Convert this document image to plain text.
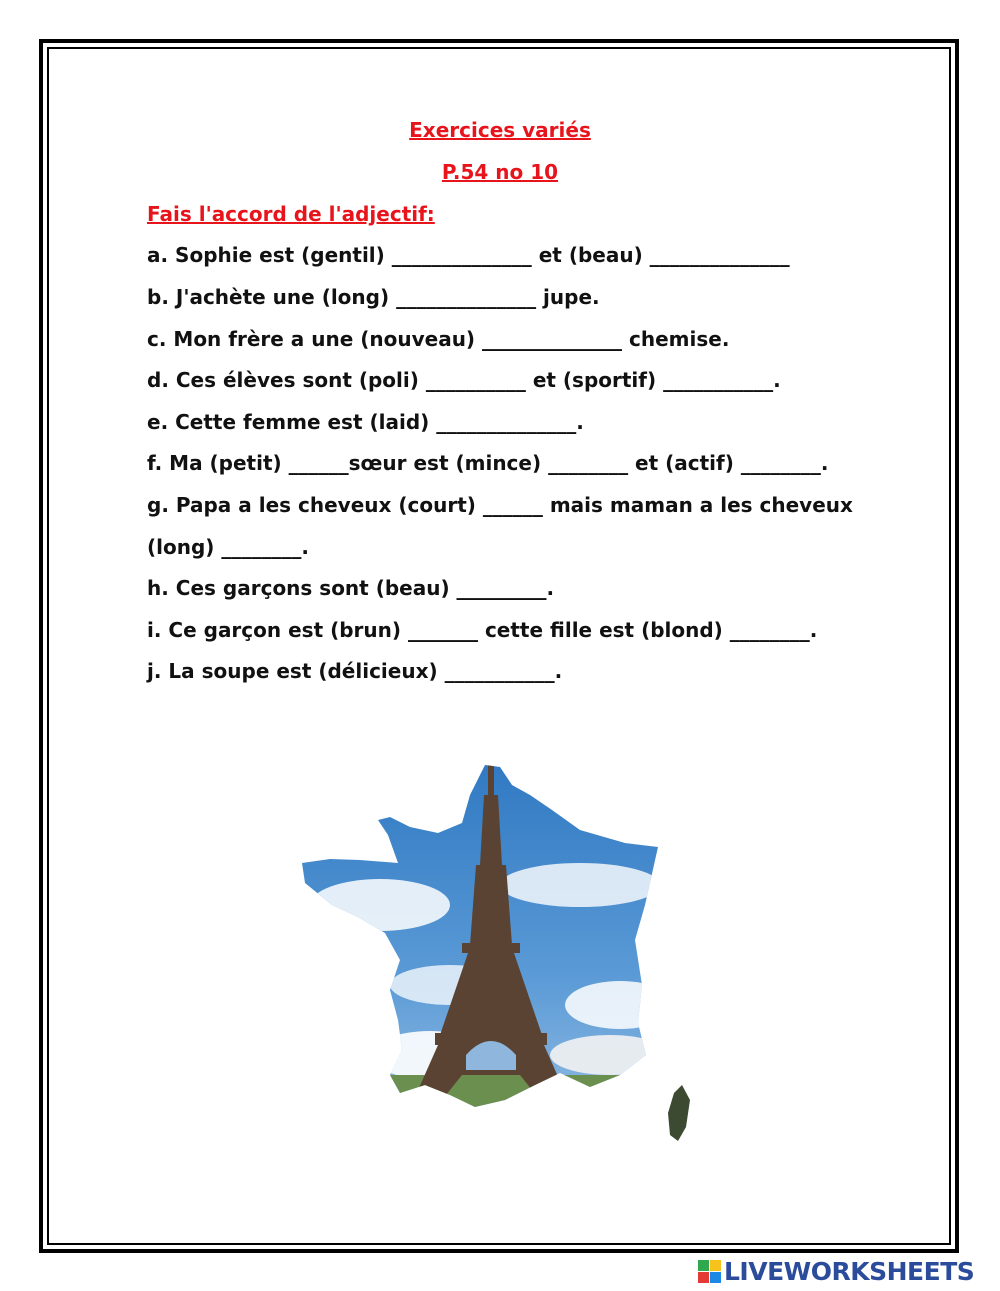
Exercices variés
P.54 no 10
Fais l'accord de l'adjectif:
a. Sophie est (gentil) ______________ et (beau) ______________
b. J'achète une (long) ______________ jupe.
c. Mon frère a une (nouveau) ______________ chemise.
d. Ces élèves sont (poli) __________ et (sportif) ___________.
e. Cette femme est (laid) ______________.
f. Ma (petit) ______sœur est (mince) ________ et (actif) ________.
g. Papa a les cheveux (court) ______ mais maman a les cheveux
(long) ________.
h. Ces garçons sont (beau) _________.
i. Ce garçon est (brun) _______ cette fille est (blond) ________.
j. La soupe est (délicieux) ___________.
LIVEWORKSHEETS
